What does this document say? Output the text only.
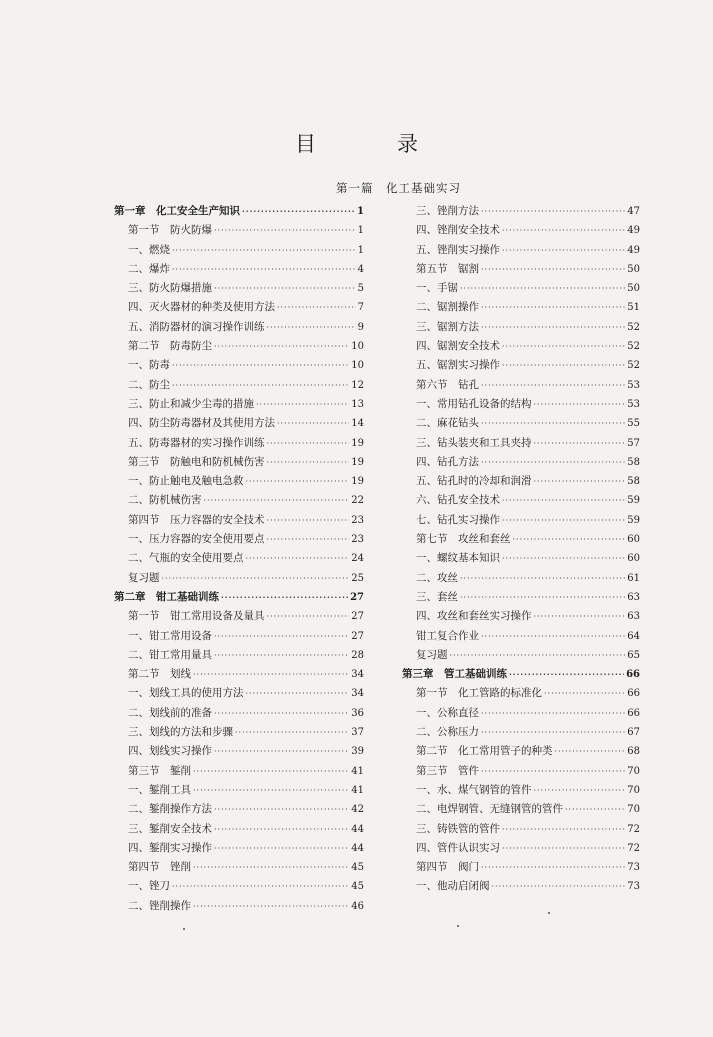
目　录
第一篇　化工基础实习
第一章　化工安全生产知识 ·····	1
第一节　防火防爆 ·····	1
一、燃烧 ·····	1
二、爆炸 ·····	4
三、防火防爆措施 ·····	5
四、灭火器材的种类及使用方法 ·····	7
五、消防器材的演习操作训练 ·····	9
第二节　防毒防尘 ·····	10
一、防毒 ·····	10
二、防尘 ·····	12
三、防止和减少尘毒的措施 ·····	13
四、防尘防毒器材及其使用方法 ·····	14
五、防毒器材的实习操作训练 ·····	19
第三节　防触电和防机械伤害 ·····	19
一、防止触电及触电急救 ·····	19
二、防机械伤害 ·····	22
第四节　压力容器的安全技术 ·····	23
一、压力容器的安全使用要点 ·····	23
二、气瓶的安全使用要点 ·····	24
复习题 ·····	25
第二章　钳工基础训练 ·····	27
第一节　钳工常用设备及量具 ·····	27
一、钳工常用设备 ·····	27
二、钳工常用量具 ·····	28
第二节　划线 ·····	34
一、划线工具的使用方法 ·····	34
二、划线前的准备 ·····	36
三、划线的方法和步骤 ·····	37
四、划线实习操作 ·····	39
第三节　錾削 ·····	41
一、錾削工具 ·····	41
二、錾削操作方法 ·····	42
三、錾削安全技术 ·····	44
四、錾削实习操作 ·····	44
第四节　锉削 ·····	45
一、锉刀 ·····	45
二、锉削操作 ·····	46
三、锉削方法 ·····	47
四、锉削安全技术 ·····	49
五、锉削实习操作 ·····	49
第五节　锯割 ·····	50
一、手锯 ·····	50
二、锯割操作 ·····	51
三、锯割方法 ·····	52
四、锯割安全技术 ·····	52
五、锯割实习操作 ·····	52
第六节　钻孔 ·····	53
一、常用钻孔设备的结构 ·····	53
二、麻花钻头 ·····	55
三、钻头装夹和工具夹持 ·····	57
四、钻孔方法 ·····	58
五、钻孔时的冷却和润滑 ·····	58
六、钻孔安全技术 ·····	59
七、钻孔实习操作 ·····	59
第七节　攻丝和套丝 ·····	60
一、螺纹基本知识 ·····	60
二、攻丝 ·····	61
三、套丝 ·····	63
四、攻丝和套丝实习操作 ·····	63
钳工复合作业 ·····	64
复习题 ·····	65
第三章　管工基础训练 ·····	66
第一节　化工管路的标准化 ·····	66
一、公称直径 ·····	66
二、公称压力 ·····	67
第二节　化工常用管子的种类 ·····	68
第三节　管件 ·····	70
一、水、煤气钢管的管件 ·····	70
二、电焊钢管、无缝钢管的管件 ·····	70
三、铸铁管的管件 ·····	72
四、管件认识实习 ·····	72
第四节　阀门 ·····	73
一、他动启闭阀 ·····	73
